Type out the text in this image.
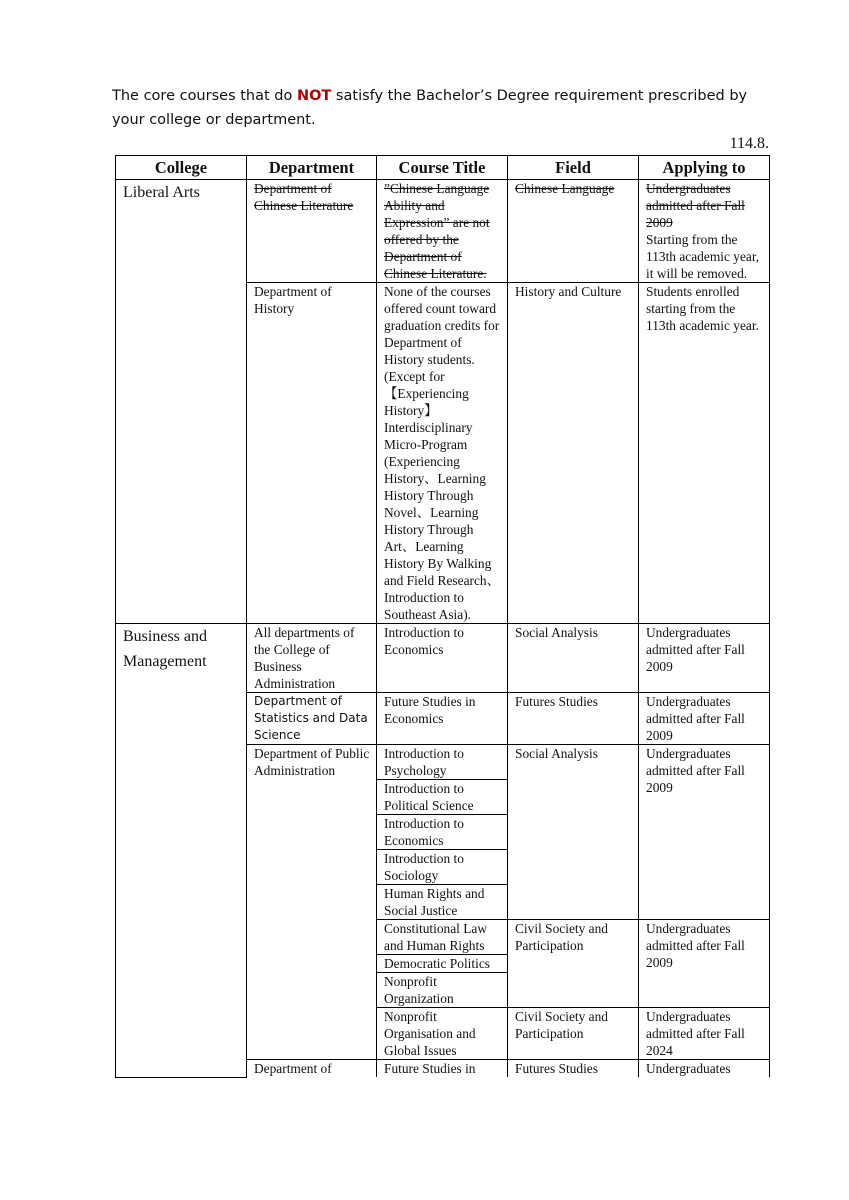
The core courses that do NOT satisfy the Bachelor’s Degree requirement prescribed by your college or department.
114.8.
College	Department	Course Title	Field	Applying to
Liberal Arts	Department of Chinese Literature	”Chinese Language Ability and Expression” are not offered by the Department of Chinese Literature.	Chinese Language	Undergraduates admitted after Fall 2009
Starting from the 113th academic year, it will be removed.
	Department of History	None of the courses offered count toward graduation credits for Department of History students. (Except for 【Experiencing History】 Interdisciplinary Micro-Program (Experiencing History、Learning History Through Novel、Learning History Through Art、Learning History By Walking and Field Research、Introduction to Southeast Asia).	History and Culture	Students enrolled starting from the 113th academic year.
Business and Management	All departments of the College of Business Administration	Introduction to Economics	Social Analysis	Undergraduates admitted after Fall 2009
	Department of Statistics and Data Science	Future Studies in Economics	Futures Studies	Undergraduates admitted after Fall 2009
	Department of Public Administration	Introduction to Psychology	Social Analysis	Undergraduates admitted after Fall 2009
		Introduction to Political Science		
		Introduction to Economics		
		Introduction to Sociology		
		Human Rights and Social Justice		
		Constitutional Law and Human Rights	Civil Society and Participation	Undergraduates admitted after Fall 2009
		Democratic Politics		
		Nonprofit Organization		
		Nonprofit Organisation and Global Issues	Civil Society and Participation	Undergraduates admitted after Fall 2024
	Department of	Future Studies in	Futures Studies	Undergraduates
